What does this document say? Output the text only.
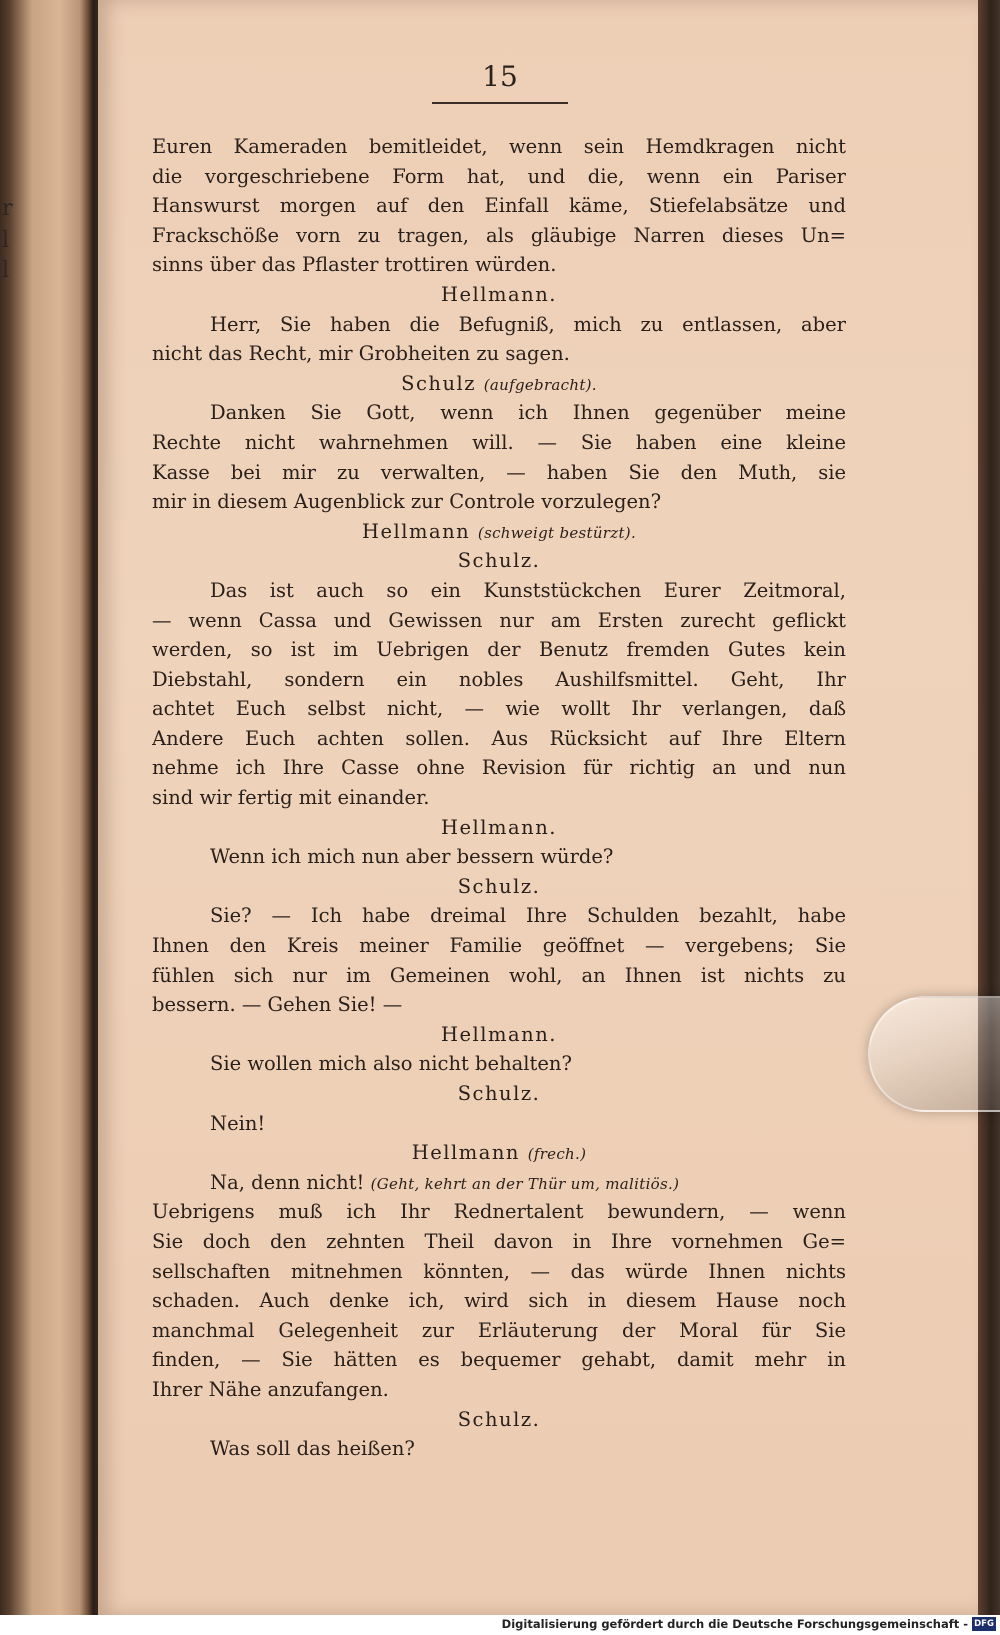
r
l
l
15
Euren Kameraden bemitleidet, wenn sein Hemdkragen nicht
die vorgeschriebene Form hat, und die, wenn ein Pariser
Hanswurst morgen auf den Einfall käme, Stiefelabsätze und
Frackschöße vorn zu tragen, als gläubige Narren dieses Un=
sinns über das Pflaster trottiren würden.
Hellmann.
Herr, Sie haben die Befugniß, mich zu entlassen, aber
nicht das Recht, mir Grobheiten zu sagen.
Schulz (aufgebracht).
Danken Sie Gott, wenn ich Ihnen gegenüber meine
Rechte nicht wahrnehmen will. — Sie haben eine kleine
Kasse bei mir zu verwalten, — haben Sie den Muth, sie
mir in diesem Augenblick zur Controle vorzulegen?
Hellmann (schweigt bestürzt).
Schulz.
Das ist auch so ein Kunststückchen Eurer Zeitmoral,
— wenn Cassa und Gewissen nur am Ersten zurecht geflickt
werden, so ist im Uebrigen der Benutz fremden Gutes kein
Diebstahl, sondern ein nobles Aushilfsmittel. Geht, Ihr
achtet Euch selbst nicht, — wie wollt Ihr verlangen, daß
Andere Euch achten sollen. Aus Rücksicht auf Ihre Eltern
nehme ich Ihre Casse ohne Revision für richtig an und nun
sind wir fertig mit einander.
Hellmann.
Wenn ich mich nun aber bessern würde?
Schulz.
Sie? — Ich habe dreimal Ihre Schulden bezahlt, habe
Ihnen den Kreis meiner Familie geöffnet — vergebens; Sie
fühlen sich nur im Gemeinen wohl, an Ihnen ist nichts zu
bessern. — Gehen Sie! —
Hellmann.
Sie wollen mich also nicht behalten?
Schulz.
Nein!
Hellmann (frech.)
Na, denn nicht! (Geht, kehrt an der Thür um, malitiös.)
Uebrigens muß ich Ihr Rednertalent bewundern, — wenn
Sie doch den zehnten Theil davon in Ihre vornehmen Ge=
sellschaften mitnehmen könnten, — das würde Ihnen nichts
schaden. Auch denke ich, wird sich in diesem Hause noch
manchmal Gelegenheit zur Erläuterung der Moral für Sie
finden, — Sie hätten es bequemer gehabt, damit mehr in
Ihrer Nähe anzufangen.
Schulz.
Was soll das heißen?
Digitalisierung gefördert durch die Deutsche Forschungsgemeinschaft - DFG
